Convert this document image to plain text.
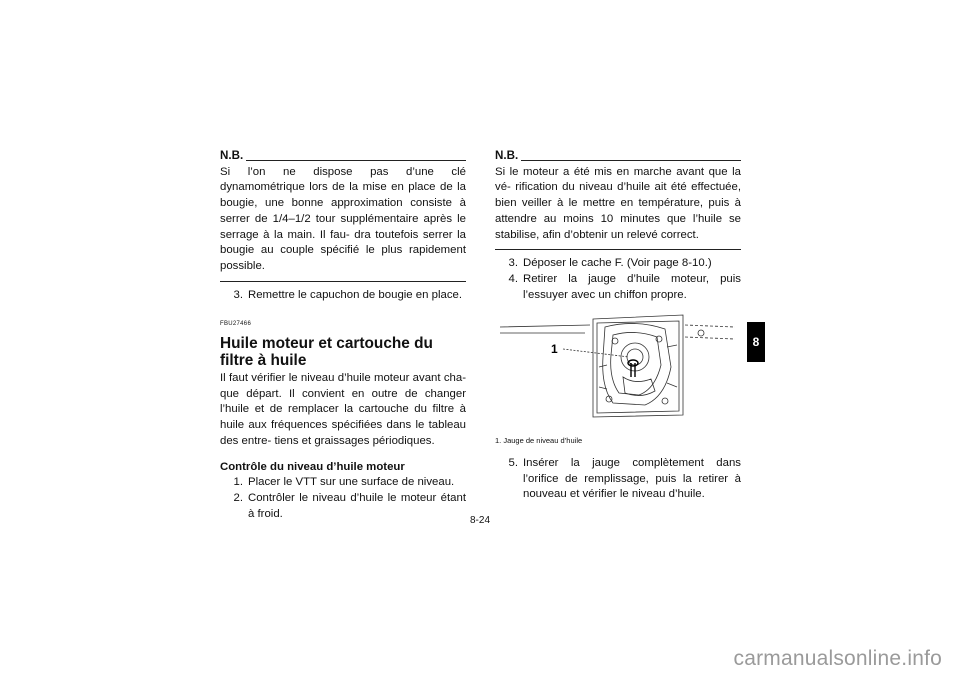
N.B.

Si l’on ne dispose pas d’une clé dynamométrique lors de la mise en place de la bougie, une bonne approximation consiste à serrer de 1/4–1/2 tour supplémentaire après le serrage à la main. Il fau- dra toutefois serrer la bougie au couple spécifié le plus rapidement possible.

3. Remettre le capuchon de bougie en place.
FBU27466
Huile moteur et cartouche du filtre à huile

Il faut vérifier le niveau d’huile moteur avant cha- que départ. Il convient en outre de changer l’huile et de remplacer la cartouche du filtre à huile aux fréquences spécifiées dans le tableau des entre- tiens et graissages périodiques.

Contrôle du niveau d’huile moteur
1. Placer le VTT sur une surface de niveau.
2. Contrôler le niveau d’huile le moteur étant à froid.
N.B.

Si le moteur a été mis en marche avant que la vé- rification du niveau d’huile ait été effectuée, bien veiller à le mettre en température, puis à attendre au moins 10 minutes que l’huile se stabilise, afin d’obtenir un relevé correct.

3. Déposer le cache F. (Voir page 8-10.)
4. Retirer la jauge d’huile moteur, puis l’essuyer avec un chiffon propre.
1
1. Jauge de niveau d’huile
5. Insérer la jauge complètement dans l’orifice de remplissage, puis la retirer à nouveau et vérifier le niveau d’huile.
8
8-24
carmanualsonline.info
